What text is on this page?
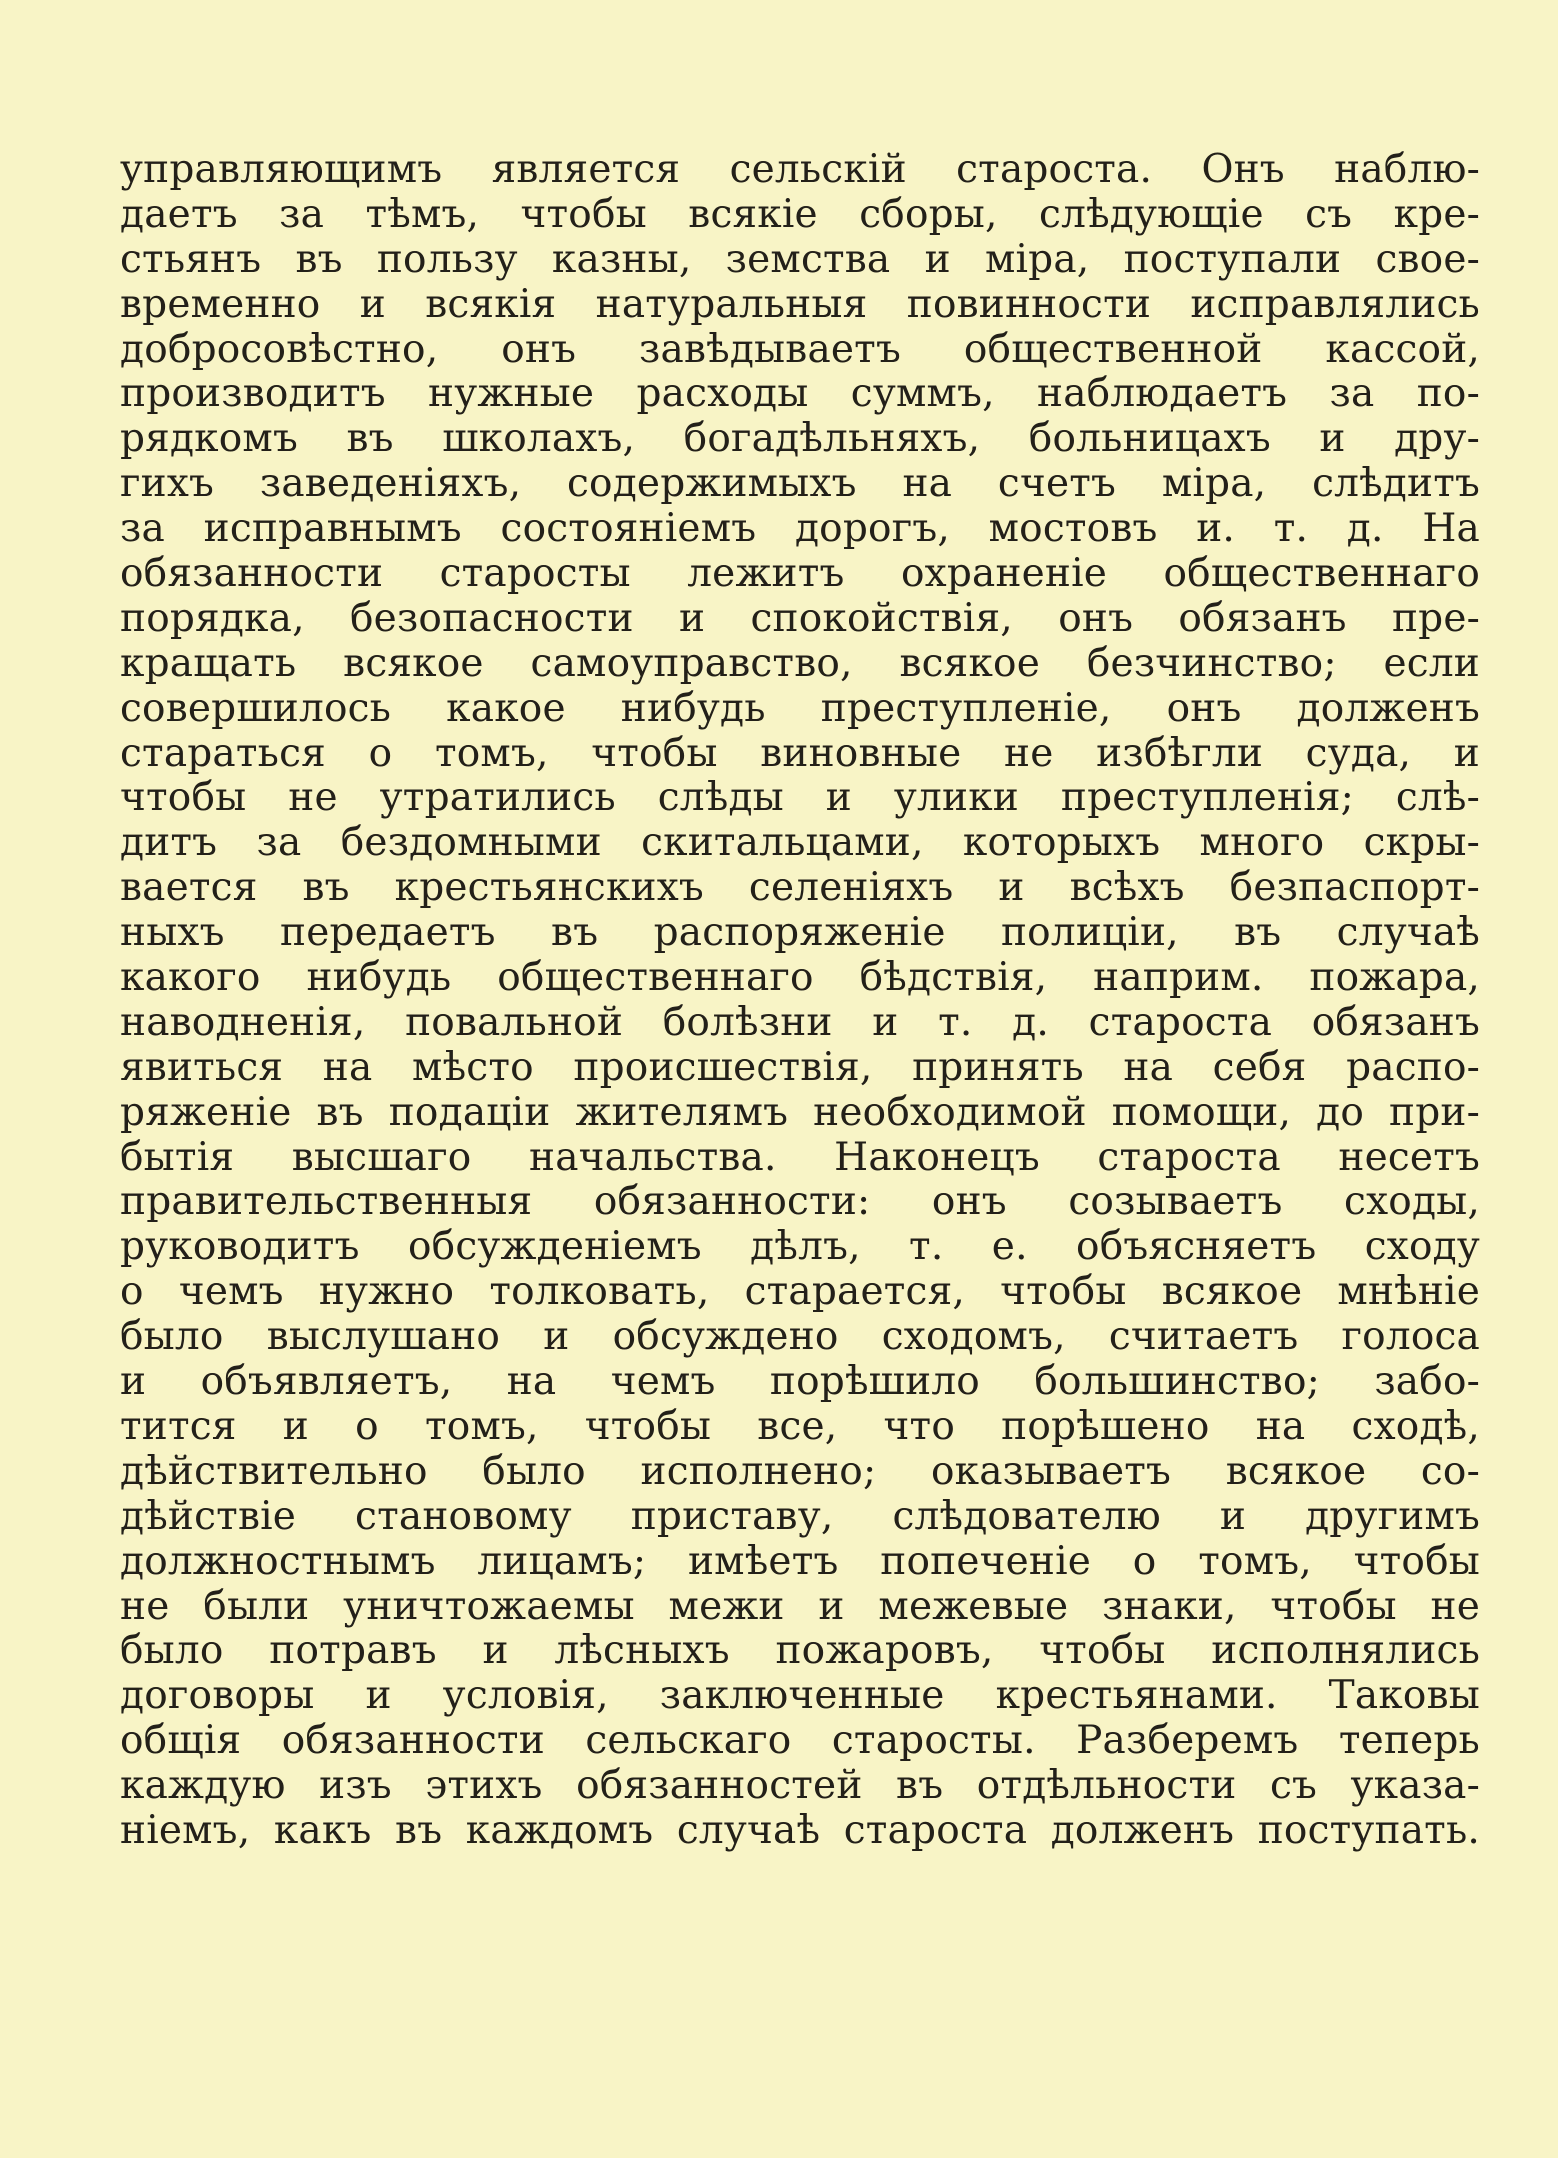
управляющимъ является сельскій староста. Онъ наблю-
даетъ за тѣмъ, чтобы всякіе сборы, слѣдующіе съ кре-
стьянъ въ пользу казны, земства и міра, поступали свое-
временно и всякія натуральныя повинности исправлялись
добросовѣстно, онъ завѣдываетъ общественной кассой,
производитъ нужные расходы суммъ, наблюдаетъ за по-
рядкомъ въ школахъ, богадѣльняхъ, больницахъ и дру-
гихъ заведеніяхъ, содержимыхъ на счетъ міра, слѣдитъ
за исправнымъ состояніемъ дорогъ, мостовъ и. т. д. На
обязанности старосты лежитъ охраненіе общественнаго
порядка, безопасности и спокойствія, онъ обязанъ пре-
кращать всякое самоуправство, всякое безчинство; если
совершилось какое нибудь преступленіе, онъ долженъ
стараться о томъ, чтобы виновные не избѣгли суда, и
чтобы не утратились слѣды и улики преступленія; слѣ-
дитъ за бездомными скитальцами, которыхъ много скры-
вается въ крестьянскихъ селеніяхъ и всѣхъ безпаспорт-
ныхъ передаетъ въ распоряженіе полиціи, въ случаѣ
какого нибудь общественнаго бѣдствія, наприм. пожара,
наводненія, повальной болѣзни и т. д. староста обязанъ
явиться на мѣсто происшествія, принять на себя распо-
ряженіе въ подаціи жителямъ необходимой помощи, до при-
бытія высшаго начальства. Наконецъ староста несетъ
правительственныя обязанности: онъ созываетъ сходы,
руководитъ обсужденіемъ дѣлъ, т. е. объясняетъ сходу
о чемъ нужно толковать, старается, чтобы всякое мнѣніе
было выслушано и обсуждено сходомъ, считаетъ голоса
и объявляетъ, на чемъ порѣшило большинство; забо-
тится и о томъ, чтобы все, что порѣшено на сходѣ,
дѣйствительно было исполнено; оказываетъ всякое со-
дѣйствіе становому приставу, слѣдователю и другимъ
должностнымъ лицамъ; имѣетъ попеченіе о томъ, чтобы
не были уничтожаемы межи и межевые знаки, чтобы не
было потравъ и лѣсныхъ пожаровъ, чтобы исполнялись
договоры и условія, заключенные крестьянами. Таковы
общія обязанности сельскаго старосты. Разберемъ теперь
каждую изъ этихъ обязанностей въ отдѣльности съ указа-
ніемъ, какъ въ каждомъ случаѣ староста долженъ поступать.
